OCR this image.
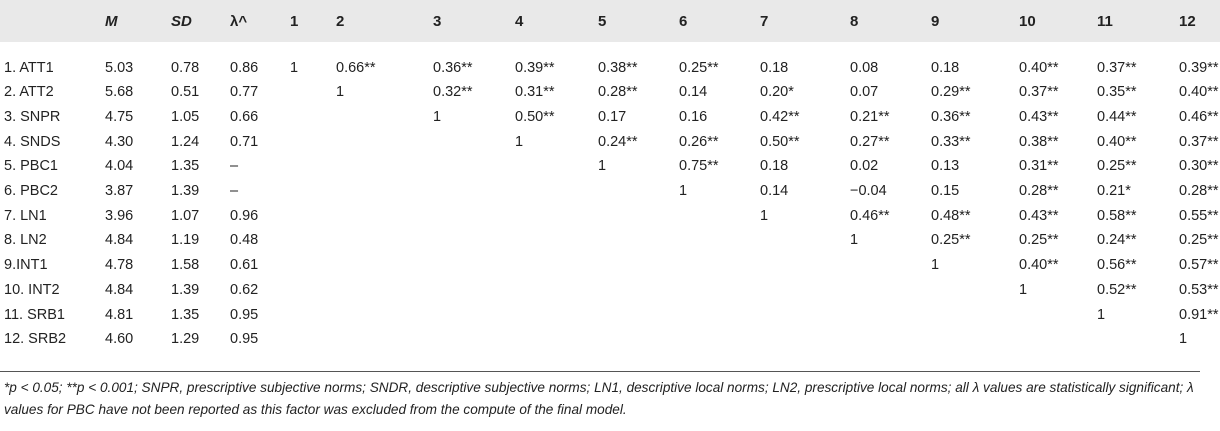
	M	SD	λ^	1	2	3	4	5	6	7	8	9	10	11	12
1. ATT1	5.03	0.78	0.86	1	0.66**	0.36**	0.39**	0.38**	0.25**	0.18	0.08	0.18	0.40**	0.37**	0.39**
2. ATT2	5.68	0.51	0.77		1	0.32**	0.31**	0.28**	0.14	0.20*	0.07	0.29**	0.37**	0.35**	0.40**
3. SNPR	4.75	1.05	0.66			1	0.50**	0.17	0.16	0.42**	0.21**	0.36**	0.43**	0.44**	0.46**
4. SNDS	4.30	1.24	0.71				1	0.24**	0.26**	0.50**	0.27**	0.33**	0.38**	0.40**	0.37**
5. PBC1	4.04	1.35	–					1	0.75**	0.18	0.02	0.13	0.31**	0.25**	0.30**
6. PBC2	3.87	1.39	–						1	0.14	−0.04	0.15	0.28**	0.21*	0.28**
7. LN1	3.96	1.07	0.96							1	0.46**	0.48**	0.43**	0.58**	0.55**
8. LN2	4.84	1.19	0.48								1	0.25**	0.25**	0.24**	0.25**
9.INT1	4.78	1.58	0.61									1	0.40**	0.56**	0.57**
10. INT2	4.84	1.39	0.62										1	0.52**	0.53**
11. SRB1	4.81	1.35	0.95											1	0.91**
12. SRB2	4.60	1.29	0.95												1
*p < 0.05; **p < 0.001; SNPR, prescriptive subjective norms; SNDR, descriptive subjective norms; LN1, descriptive local norms; LN2, prescriptive local norms; all λ values are statistically significant; λ values for PBC have not been reported as this factor was excluded from the compute of the final model.
